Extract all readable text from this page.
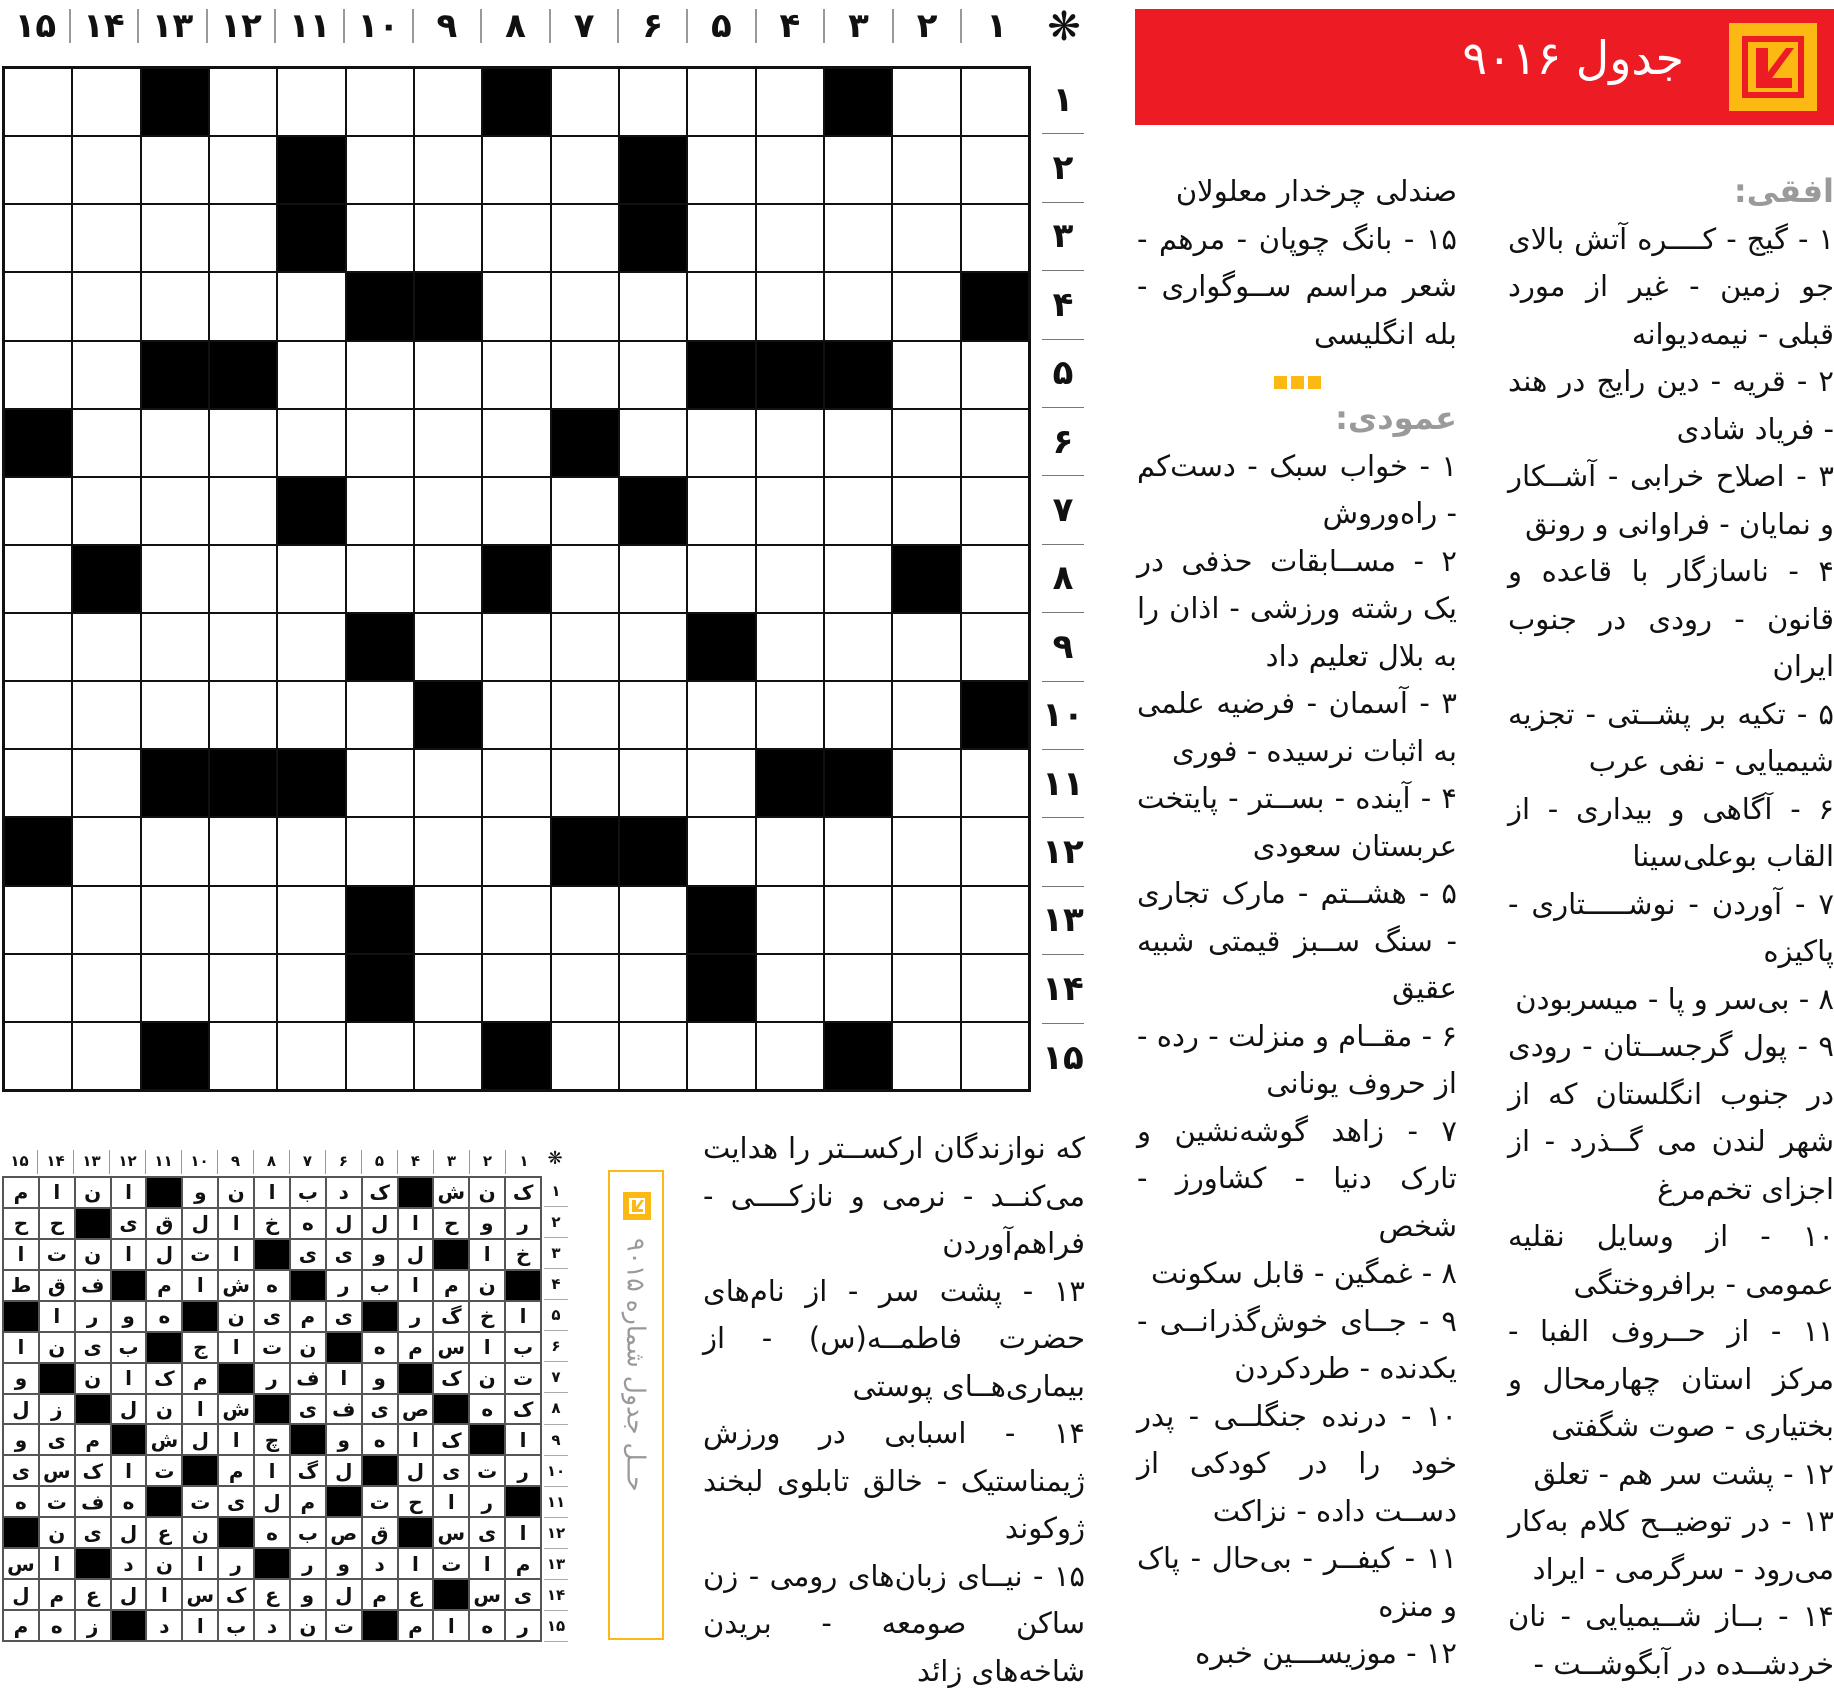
جدول ۹۰۱۶
۱
۲
۳
۴
۵
۶
۷
۸
۹
۱۰
۱۱
۱۲
۱۳
۱۴
۱۵	❋
۱
۲
۳
۴
۵
۶
۷
۸
۹
۱۰
۱۱
۱۲
۱۳
۱۴
۱۵
افقی:

۱ - گیج - کــــره آتش بالای جو زمین - غیر از مورد قبلی - نیمه‌دیوانه

۲ - قریه - دین رایج در هند - فریاد شادی

۳ - اصلاح خرابی - آشــکار و نمایان - فراوانی و رونق

۴ - ناسازگار با قاعده و قانون - رودی در جنوب ایران

۵ - تکیه بر پشــتی - تجزیه شیمیایی - نفی عرب

۶ - آگاهی و بیداری - از القاب بوعلی‌سینا

۷ - آوردن - نوشـــــتاری - پاکیزه

۸ - بی‌سر و پا - میسربودن

۹ - پول گرجســتان - رودی در جنوب انگلستان که از شهر لندن می‌ گــذرد - از اجزای تخم‌مرغ

۱۰ - از وسایل نقلیه عمومی - برافروختگی

۱۱ - از حــروف الفبا - مرکز استان چهارمحال و بختیاری - صوت شگفتی

۱۲ - پشت سر هم - تعلق

۱۳ - در توضیــح کلام به‌کار می‌رود - سرگرمی - ایراد

۱۴ - بــاز شــیمیایی - نان خردشــده در آبگوشــت -

صندلی چرخدار معلولان

۱۵ - بانگ چوپان - مرهم - شعر مراسم ســوگواری - بله انگلیسی

عمودی:

۱ - خواب سبک - دست‌کم - راه‌وروش

۲ - مســابقات حذفی در یک رشته ورزشی - اذان را به بلال تعلیم داد

۳ - آسمان - فرضیه علمی به اثبات نرسیده - فوری

۴ - آینده - بســتر - پایتخت عربستان سعودی

۵ - هشــتم - مارک تجاری - سنگ ســبز قیمتی شبیه عقیق

۶ - مقــام و منزلت - رده - از حروف یونانی

۷ - زاهد گوشه‌نشین و تارک دنیا - کشاورز - شخص

۸ - غمگین - قابل سکونت

۹ - جــای خوش‌گذرانــی - یکدنده - طردکردن

۱۰ - درنده جنگلــی - پدر خود را در کودکی از دســت داده - نزاکت

۱۱ - کیفــر - بی‌حال - پاک و منزه

۱۲ - موزیســـین خبره

که نوازندگان ارکســتر را هدایت می‌کنــد - نرمی و نازکــــی - فراهم‌آوردن

۱۳ - پشت سر - از نام‌های حضرت فاطمــه(س) - از بیماری‌هــای پوستی

۱۴ - اسبابی در ورزش ژیمناستیک - خالق تابلوی لبخند ژوکوند

۱۵ - نیــای زبان‌های رومی - زن ساکن صومعه - بریدن شاخه‌های زائد

۱
۲
۳
۴
۵
۶
۷
۸
۹
۱۰
۱۱
۱۲
۱۳
۱۴
۱۵	❋
ک
ن
ش
ک
د
ب
ا
ن
و
ا
ن
ا
م
ر
و
ح
ا
ل
ل
ه
خ
ا
ل
ق
ی
ح
ح
خ
ا
ل
و
ی
ی
ا
ت
ل
ا
ن
ت
ا
ن
م
ا
ب
ر
ه
ش
ا
م
ف
ق
ط
ا
خ
گ
ر
ی
م
ی
ن
ه
و
ر
ا
ب
ا
س
م
ه
ن
ت
ا
ج
ب
ی
ن
ا
ت
ن
ک
و
ا
ف
ر
م
ک
ا
ن
و
ک
ه
ص
ی
ف
ی
ش
ا
ن
ل
ز
ل
ا
ک
ا
ه
و
چ
ا
ل
ش
م
ی
و
ر
ت
ی
ل
ل
گ
ا
م
ت
ا
ک
س
ی
ر
ا
ح
ت
م
ل
ی
ت
ه
ف
ت
ه
ا
ی
س
ق
ص
ب
ه
ن
ع
ل
ی
ن
م
ا
ت
ا
د
و
ر
ر
ا
ن
د
ا
س
ی
س
ع
م
ل
و
ع
ک
س
ا
ل
ع
م
ل
ر
ه
ا
م
ت
ن
د
ب
ا
د
ز
ه
م
۱
۲
۳
۴
۵
۶
۷
۸
۹
۱۰
۱۱
۱۲
۱۳
۱۴
۱۵
حــل جدول شماره ۹۰۱۵
